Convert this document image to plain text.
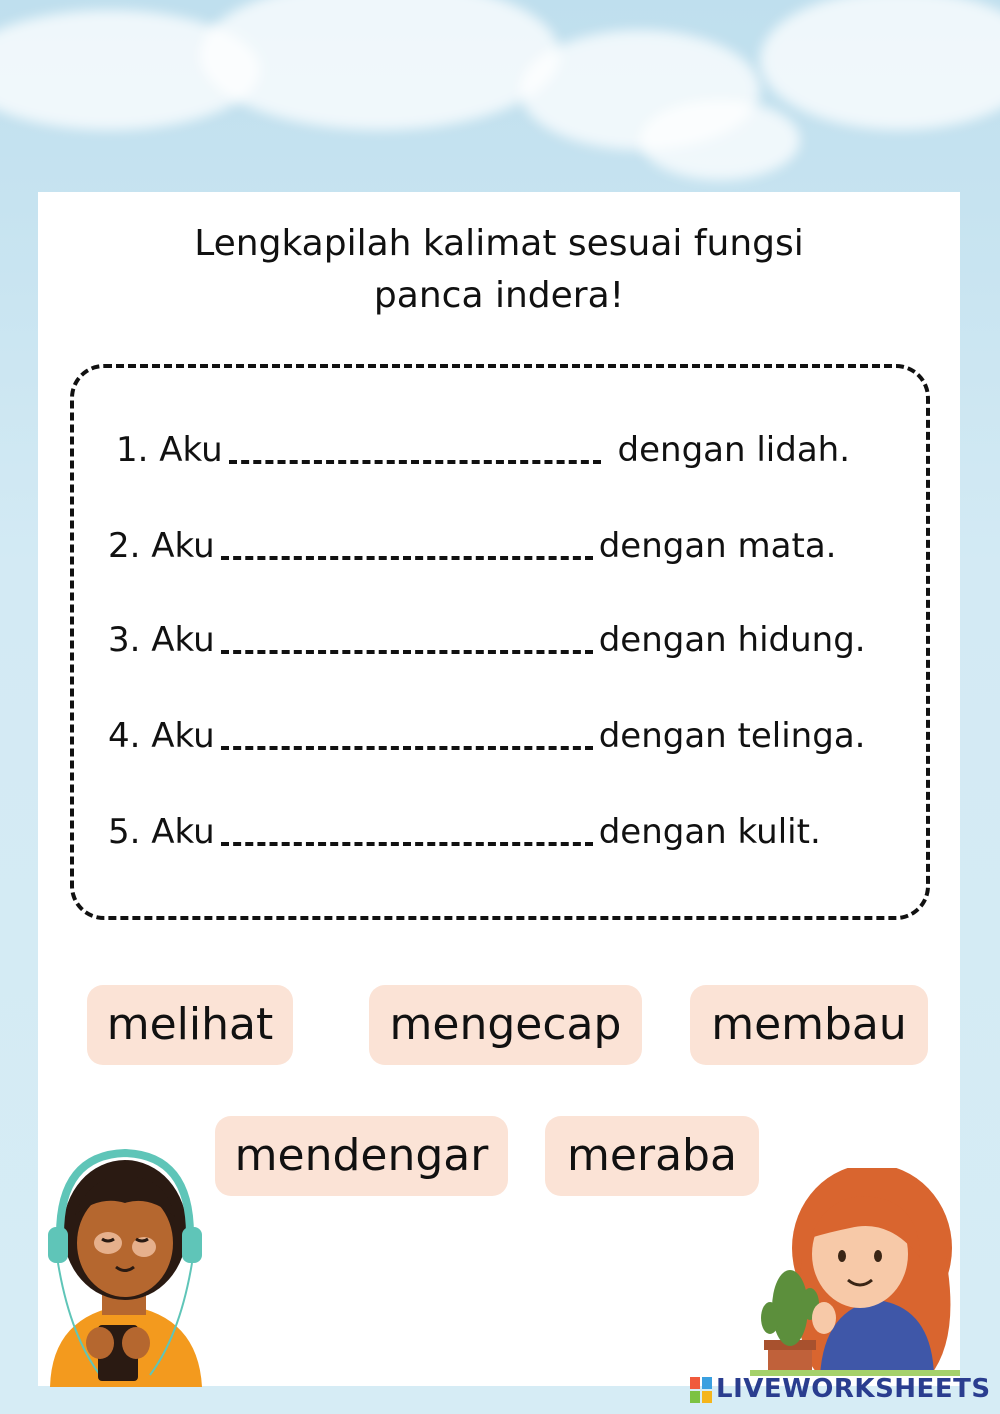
Lengkapilah kalimat sesuai fungsi
panca indera!
1. Aku	dengan lidah.
2. Aku	dengan mata.
3. Aku	dengan hidung.
4. Aku	dengan telinga.
5. Aku	dengan kulit.
melihat	mengecap	membau
mendengar	meraba
LIVEWORKSHEETS
